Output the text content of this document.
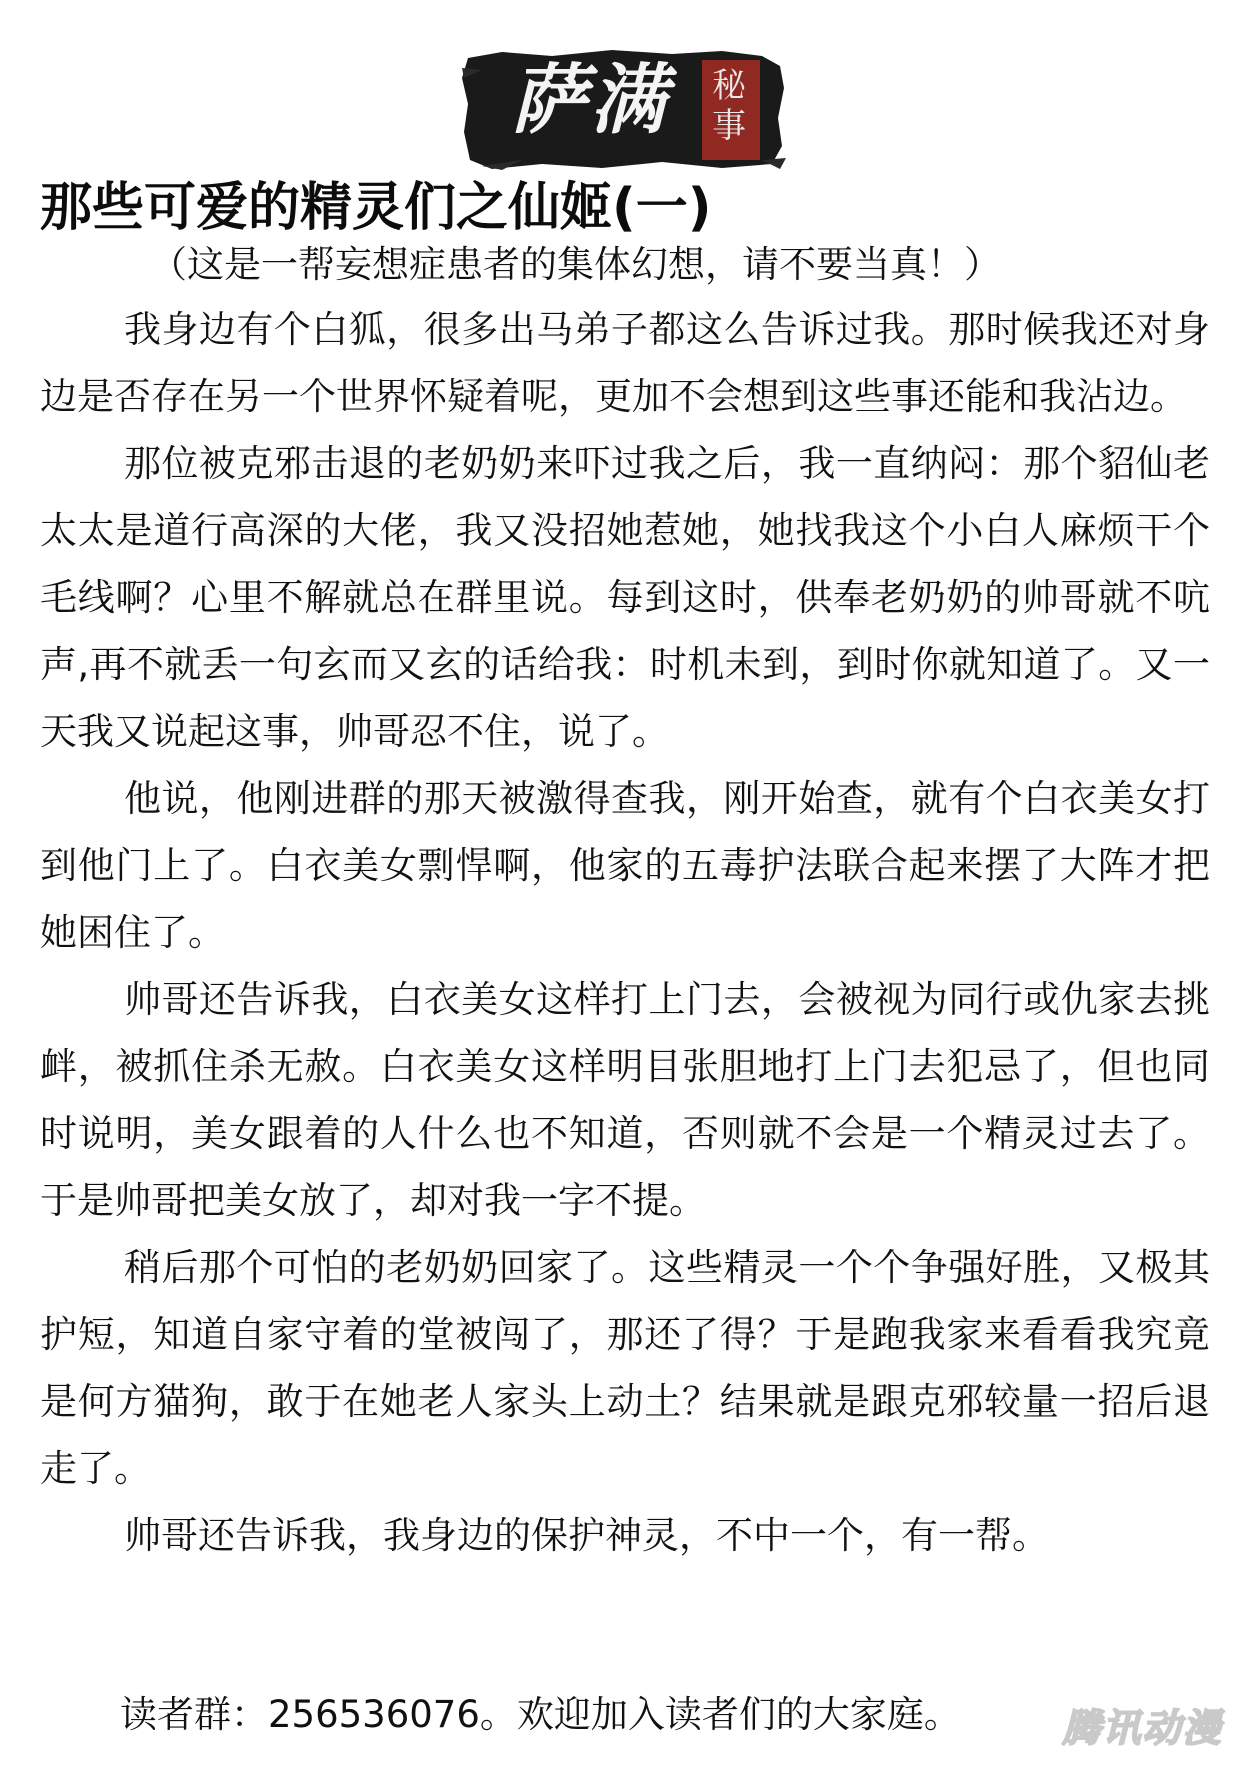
萨满 秘事
那些可爱的精灵们之仙姬(一)
（这是一帮妄想症患者的集体幻想，请不要当真！）

我身边有个白狐，很多出马弟子都这么告诉过我。那时候我还对身边是否存在另一个世界怀疑着呢，更加不会想到这些事还能和我沾边。

那位被克邪击退的老奶奶来吓过我之后，我一直纳闷：那个貂仙老太太是道行高深的大佬，我又没招她惹她，她找我这个小白人麻烦干个毛线啊？心里不解就总在群里说。每到这时，供奉老奶奶的帅哥就不吭声,再不就丢一句玄而又玄的话给我：时机未到，到时你就知道了。又一天我又说起这事，帅哥忍不住，说了。

他说，他刚进群的那天被激得查我，刚开始查，就有个白衣美女打到他门上了。白衣美女剽悍啊，他家的五毒护法联合起来摆了大阵才把她困住了。

帅哥还告诉我，白衣美女这样打上门去，会被视为同行或仇家去挑衅，被抓住杀无赦。白衣美女这样明目张胆地打上门去犯忌了，但也同时说明，美女跟着的人什么也不知道，否则就不会是一个精灵过去了。于是帅哥把美女放了，却对我一字不提。

稍后那个可怕的老奶奶回家了。这些精灵一个个争强好胜，又极其护短，知道自家守着的堂被闯了，那还了得？于是跑我家来看看我究竟是何方猫狗，敢于在她老人家头上动土？结果就是跟克邪较量一招后退走了。

帅哥还告诉我，我身边的保护神灵，不中一个，有一帮。

读者群：256536076。欢迎加入读者们的大家庭。	腾讯动漫
